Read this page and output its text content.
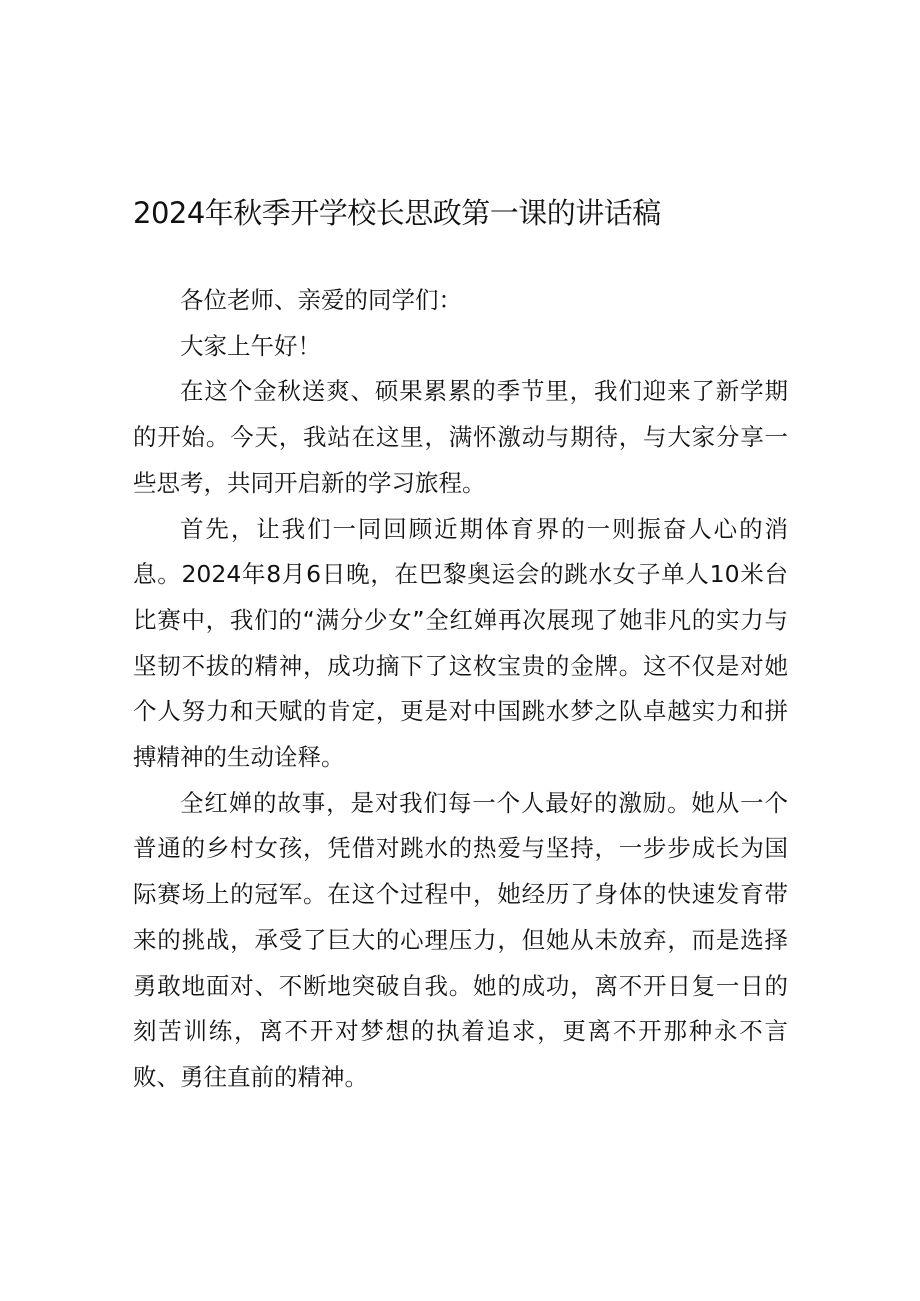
2024年秋季开学校长思政第一课的讲话稿

各位老师、亲爱的同学们：

大家上午好！

在这个金秋送爽、硕果累累的季节里，我们迎来了新学期的开始。今天，我站在这里，满怀激动与期待，与大家分享一些思考，共同开启新的学习旅程。

首先，让我们一同回顾近期体育界的一则振奋人心的消息。2024年8月6日晚，在巴黎奥运会的跳水女子单人10米台比赛中，我们的“满分少女”全红婵再次展现了她非凡的实力与坚韧不拔的精神，成功摘下了这枚宝贵的金牌。这不仅是对她个人努力和天赋的肯定，更是对中国跳水梦之队卓越实力和拼搏精神的生动诠释。

全红婵的故事，是对我们每一个人最好的激励。她从一个普通的乡村女孩，凭借对跳水的热爱与坚持，一步步成长为国际赛场上的冠军。在这个过程中，她经历了身体的快速发育带来的挑战，承受了巨大的心理压力，但她从未放弃，而是选择勇敢地面对、不断地突破自我。她的成功，离不开日复一日的刻苦训练，离不开对梦想的执着追求，更离不开那种永不言败、勇往直前的精神。
